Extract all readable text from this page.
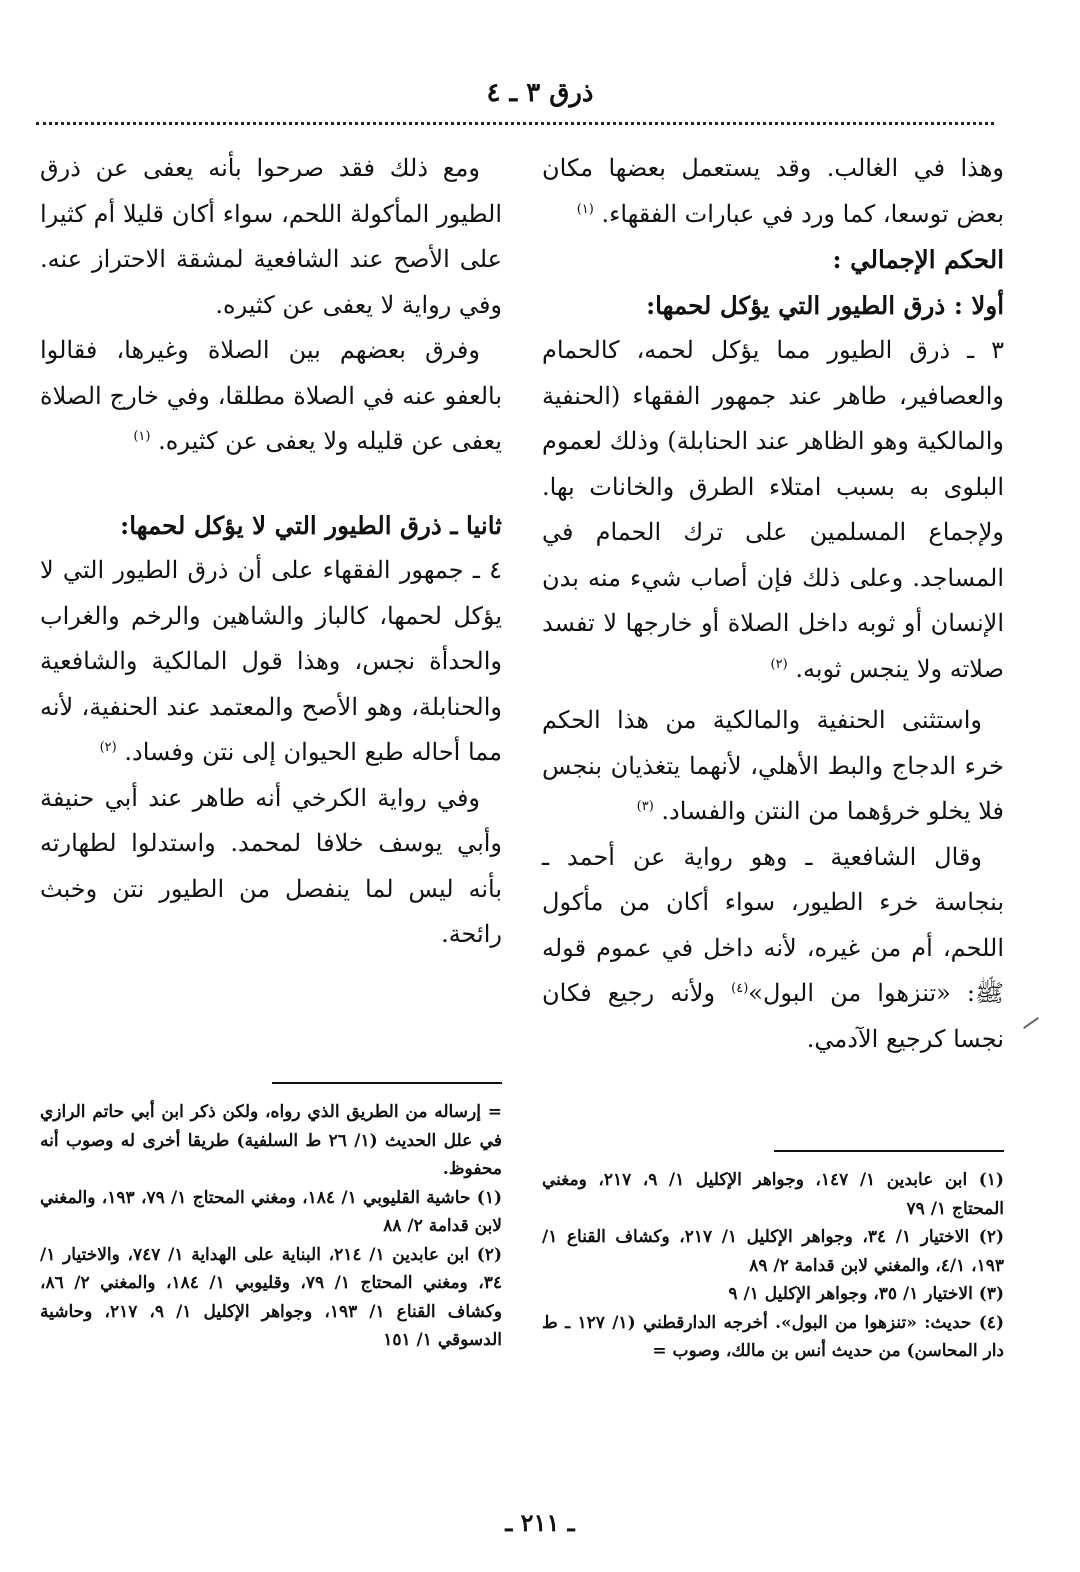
ذرق ٣ ـ ٤

وهذا في الغالب. وقد يستعمل بعضها مكان بعض توسعا، كما ورد في عبارات الفقهاء. $^{(١)}$

الحكم الإجمالي :

أولا : ذرق الطيور التي يؤكل لحمها:

٣ ـ ذرق الطيور مما يؤكل لحمه، كالحمام والعصافير، طاهر عند جمهور الفقهاء (الحنفية والمالكية وهو الظاهر عند الحنابلة) وذلك لعموم البلوى به بسبب امتلاء الطرق والخانات بها. ولإجماع المسلمين على ترك الحمام في المساجد. وعلى ذلك فإن أصاب شيء منه بدن الإنسان أو ثوبه داخل الصلاة أو خارجها لا تفسد صلاته ولا ينجس ثوبه. $^{(٢)}$

واستثنى الحنفية والمالكية من هذا الحكم خرء الدجاج والبط الأهلي، لأنهما يتغذيان بنجس فلا يخلو خرؤهما من النتن والفساد. $^{(٣)}$

وقال الشافعية ـ وهو رواية عن أحمد ـ بنجاسة خرء الطيور، سواء أكان من مأكول اللحم، أم من غيره، لأنه داخل في عموم قوله ﷺ: «تنزهوا من البول»$^{(٤)}$ ولأنه رجيع فكان نجسا كرجيع الآدمي.

ومع ذلك فقد صرحوا بأنه يعفى عن ذرق الطيور المأكولة اللحم، سواء أكان قليلا أم كثيرا على الأصح عند الشافعية لمشقة الاحتراز عنه. وفي رواية لا يعفى عن كثيره.

وفرق بعضهم بين الصلاة وغيرها، فقالوا بالعفو عنه في الصلاة مطلقا، وفي خارج الصلاة يعفى عن قليله ولا يعفى عن كثيره. $^{(١)}$

ثانيا ـ ذرق الطيور التي لا يؤكل لحمها:

٤ ـ جمهور الفقهاء على أن ذرق الطيور التي لا يؤكل لحمها، كالباز والشاهين والرخم والغراب والحدأة نجس، وهذا قول المالكية والشافعية والحنابلة، وهو الأصح والمعتمد عند الحنفية، لأنه مما أحاله طبع الحيوان إلى نتن وفساد. $^{(٢)}$

وفي رواية الكرخي أنه طاهر عند أبي حنيفة وأبي يوسف خلافا لمحمد. واستدلوا لطهارته بأنه ليس لما ينفصل من الطيور نتن وخبث رائحة.

(١) ابن عابدين ١/ ١٤٧، وجواهر الإكليل ١/ ٩، ٢١٧، ومغني المحتاج ١/ ٧٩

(٢) الاختيار ١/ ٣٤، وجواهر الإكليل ١/ ٢١٧، وكشاف القناع ١/ ١٩٣، ٤/١، والمغني لابن قدامة ٢/ ٨٩

(٣) الاختيار ١/ ٣٥، وجواهر الإكليل ١/ ٩

(٤) حديث: «تنزهوا من البول». أخرجه الدارقطني (١/ ١٢٧ ـ ط دار المحاسن) من حديث أنس بن مالك، وصوب =

= إرساله من الطريق الذي رواه، ولكن ذكر ابن أبي حاتم الرازي في علل الحديث (١/ ٢٦ ط السلفية) طريقا أخرى له وصوب أنه محفوظ.

(١) حاشية القليوبي ١/ ١٨٤، ومغني المحتاج ١/ ٧٩، ١٩٣، والمغني لابن قدامة ٢/ ٨٨

(٢) ابن عابدين ١/ ٢١٤، البناية على الهداية ١/ ٧٤٧، والاختيار ١/ ٣٤، ومغني المحتاج ١/ ٧٩، وقليوبي ١/ ١٨٤، والمغني ٢/ ٨٦، وكشاف القناع ١/ ١٩٣، وجواهر الإكليل ١/ ٩، ٢١٧، وحاشية الدسوقي ١/ ١٥١

ـ ٢١١ ـ
